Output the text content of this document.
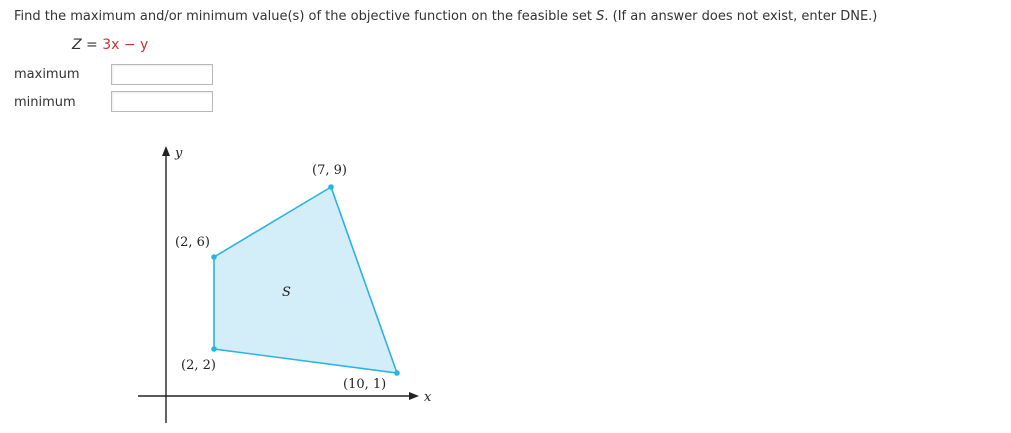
Find the maximum and/or minimum value(s) of the objective function on the feasible set S. (If an answer does not exist, enter DNE.)
Z = 3x − y
maximum
minimum
y
x
(7, 9)
(2, 6)
(2, 2)
(10, 1)
S
